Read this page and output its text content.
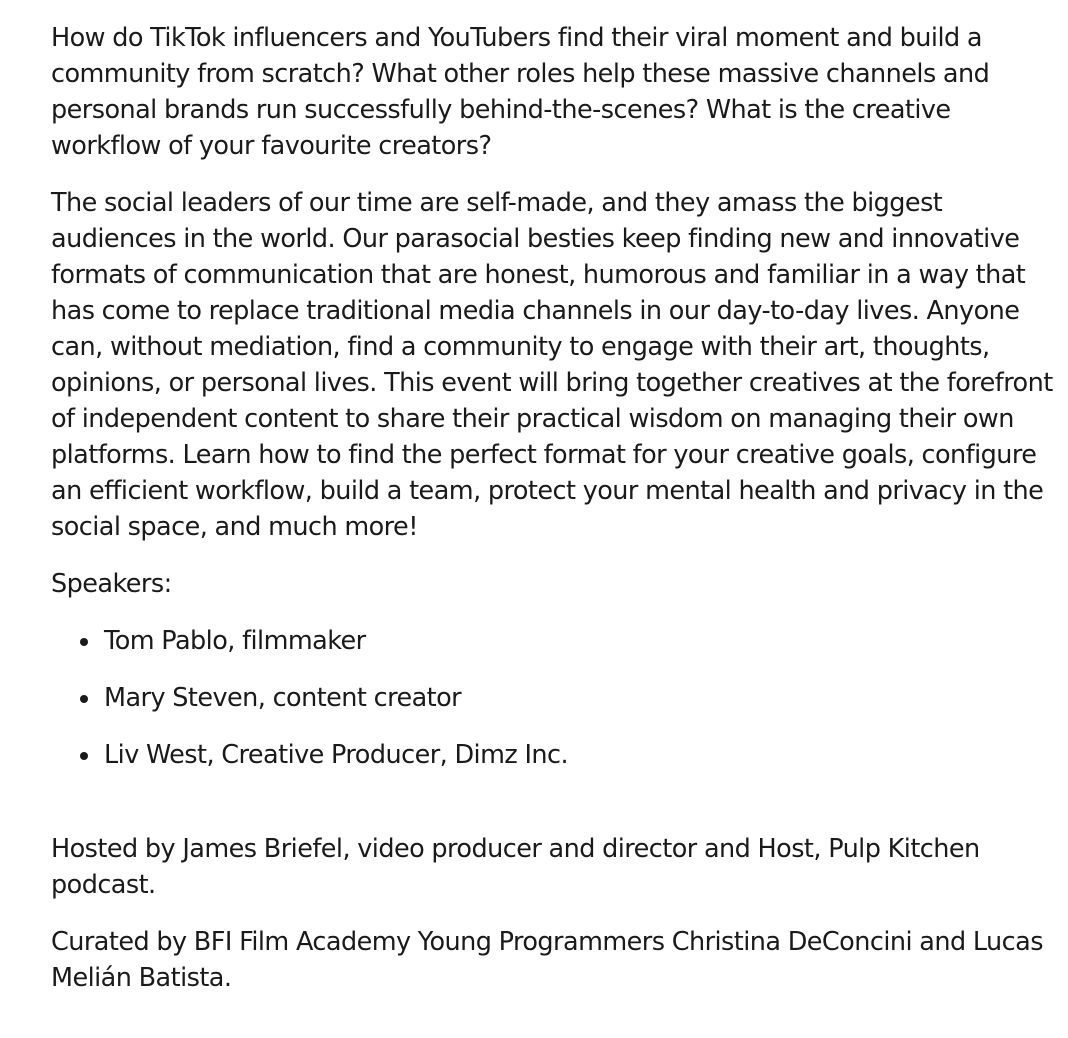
How do TikTok influencers and YouTubers find their viral moment and build a community from scratch? What other roles help these massive channels and personal brands run successfully behind-the-scenes? What is the creative workflow of your favourite creators?

The social leaders of our time are self-made, and they amass the biggest audiences in the world. Our parasocial besties keep finding new and innovative formats of communication that are honest, humorous and familiar in a way that has come to replace traditional media channels in our day-to-day lives. Anyone can, without mediation, find a community to engage with their art, thoughts, opinions, or personal lives. This event will bring together creatives at the forefront of independent content to share their practical wisdom on managing their own platforms. Learn how to find the perfect format for your creative goals, configure an efficient workflow, build a team, protect your mental health and privacy in the social space, and much more!

Speakers:

Tom Pablo, filmmaker
Mary Steven, content creator
Liv West, Creative Producer, Dimz Inc.

Hosted by James Briefel, video producer and director and Host, Pulp Kitchen podcast.

Curated by BFI Film Academy Young Programmers Christina DeConcini and Lucas Melián Batista.
